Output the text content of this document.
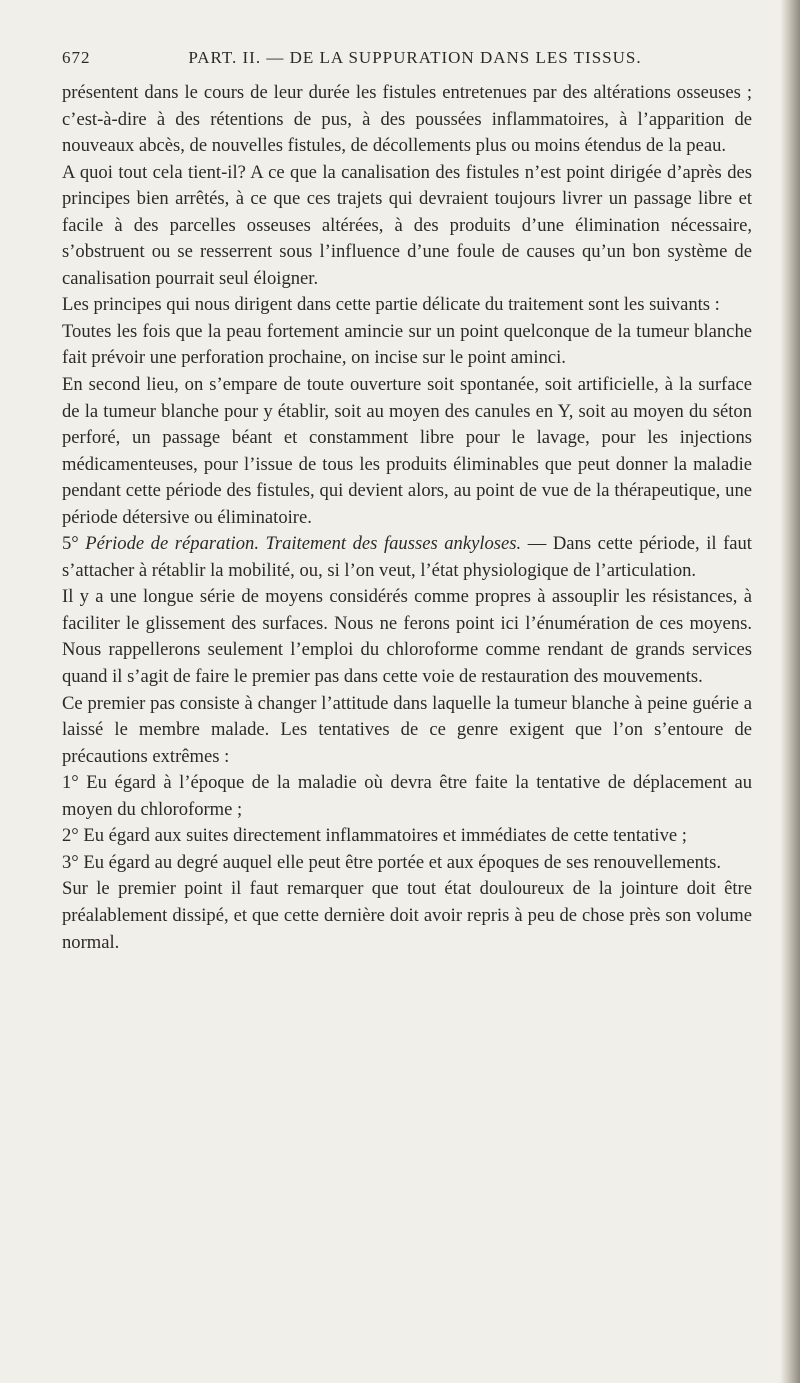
672	PART. II. — DE LA SUPPURATION DANS LES TISSUS.

présentent dans le cours de leur durée les fistules entretenues par des altérations osseuses ; c’est-à-dire à des rétentions de pus, à des poussées inflammatoires, à l’apparition de nouveaux abcès, de nouvelles fistules, de décollements plus ou moins étendus de la peau.

A quoi tout cela tient-il? A ce que la canalisation des fistules n’est point dirigée d’après des principes bien arrêtés, à ce que ces trajets qui devraient toujours livrer un passage libre et facile à des parcelles osseuses altérées, à des produits d’une élimination nécessaire, s’obstruent ou se resserrent sous l’influence d’une foule de causes qu’un bon système de canalisation pourrait seul éloigner.

Les principes qui nous dirigent dans cette partie délicate du traitement sont les suivants :

Toutes les fois que la peau fortement amincie sur un point quelconque de la tumeur blanche fait prévoir une perforation prochaine, on incise sur le point aminci.

En second lieu, on s’empare de toute ouverture soit spontanée, soit artificielle, à la surface de la tumeur blanche pour y établir, soit au moyen des canules en Y, soit au moyen du séton perforé, un passage béant et constamment libre pour le lavage, pour les injections médicamenteuses, pour l’issue de tous les produits éliminables que peut donner la maladie pendant cette période des fistules, qui devient alors, au point de vue de la thérapeutique, une période détersive ou éliminatoire.

5° Période de réparation. Traitement des fausses ankyloses. — Dans cette période, il faut s’attacher à rétablir la mobilité, ou, si l’on veut, l’état physiologique de l’articulation.

Il y a une longue série de moyens considérés comme propres à assouplir les résistances, à faciliter le glissement des surfaces. Nous ne ferons point ici l’énumération de ces moyens. Nous rappellerons seulement l’emploi du chloroforme comme rendant de grands services quand il s’agit de faire le premier pas dans cette voie de restauration des mouvements.

Ce premier pas consiste à changer l’attitude dans laquelle la tumeur blanche à peine guérie a laissé le membre malade. Les tentatives de ce genre exigent que l’on s’entoure de précautions extrêmes :

1° Eu égard à l’époque de la maladie où devra être faite la tentative de déplacement au moyen du chloroforme ;

2° Eu égard aux suites directement inflammatoires et immédiates de cette tentative ;

3° Eu égard au degré auquel elle peut être portée et aux époques de ses renouvellements.

Sur le premier point il faut remarquer que tout état douloureux de la jointure doit être préalablement dissipé, et que cette dernière doit avoir repris à peu de chose près son volume normal.
